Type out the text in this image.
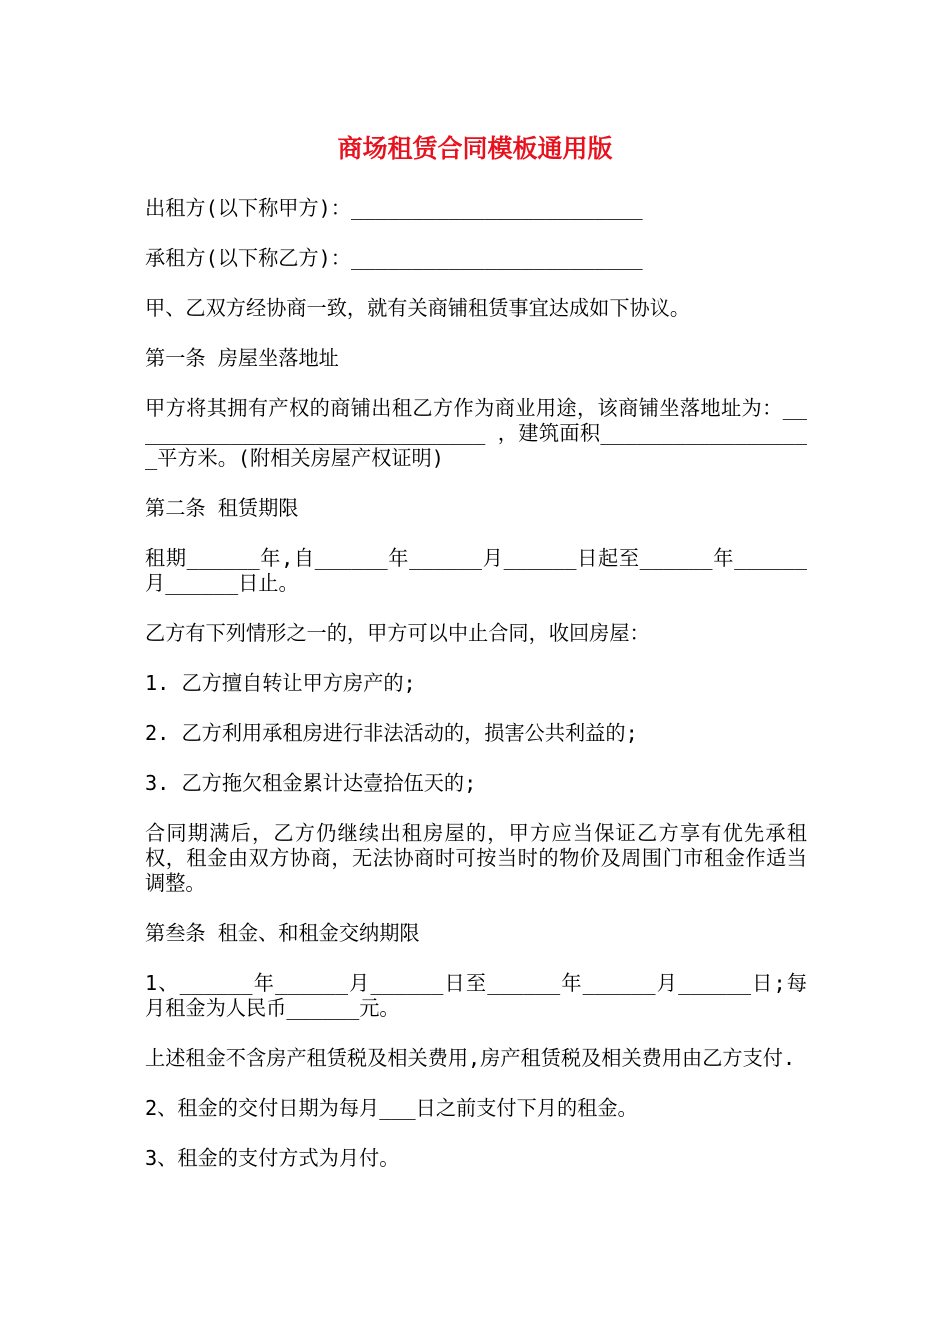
商场租赁合同模板通用版

出租方(以下称甲方)：________________________

承租方(以下称乙方)：________________________

甲、乙双方经协商一致，就有关商铺租赁事宜达成如下协议。

第一条 房屋坐落地址

甲方将其拥有产权的商铺出租乙方作为商业用途，该商铺坐落地址为：______________________________ ，建筑面积__________________平方米。(附相关房屋产权证明)

第二条 租赁期限

租期______年,自______年______月______日起至______年______月______日止。

乙方有下列情形之一的，甲方可以中止合同，收回房屋：

1. 乙方擅自转让甲方房产的;

2. 乙方利用承租房进行非法活动的，损害公共利益的;

3. 乙方拖欠租金累计达壹拾伍天的;

合同期满后，乙方仍继续出租房屋的，甲方应当保证乙方享有优先承租权，租金由双方协商，无法协商时可按当时的物价及周围门市租金作适当调整。

第叁条 租金、和租金交纳期限

1、______年______月______日至______年______月______日;每月租金为人民币______元。

上述租金不含房产租赁税及相关费用,房产租赁税及相关费用由乙方支付.

2、租金的交付日期为每月___日之前支付下月的租金。

3、租金的支付方式为月付。
